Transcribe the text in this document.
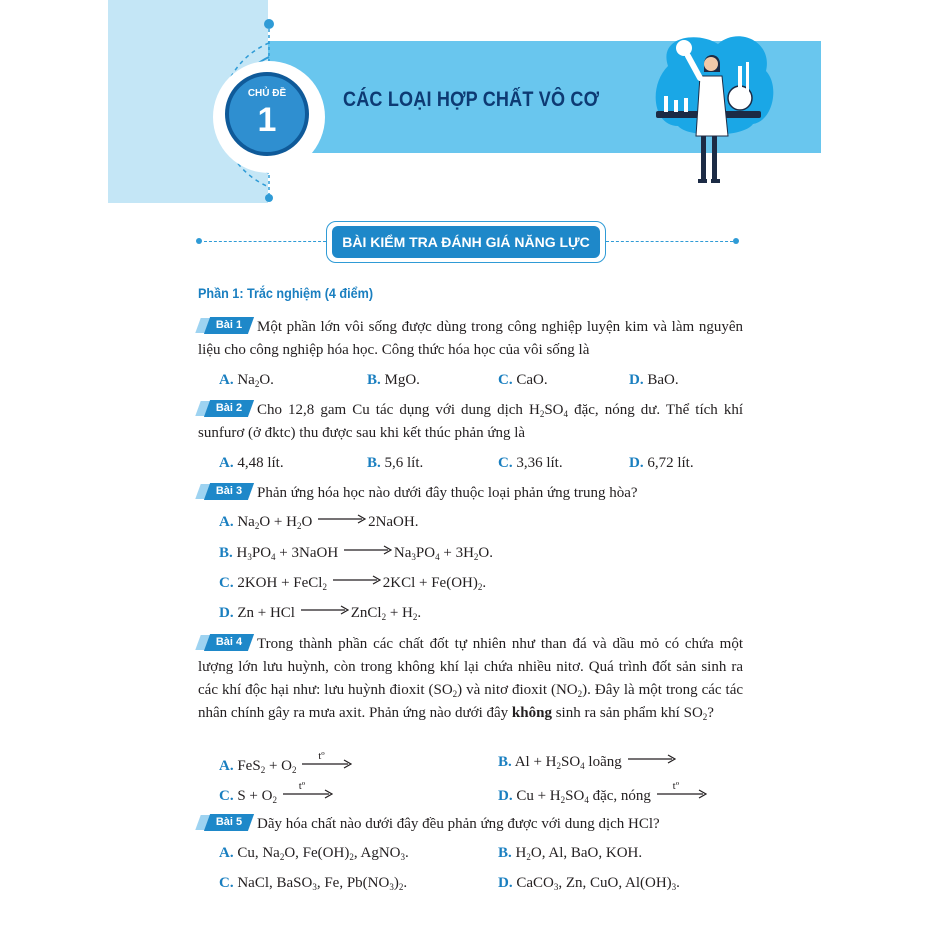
CHỦ ĐỀ
1
CÁC LOẠI HỢP CHẤT VÔ CƠ
BÀI KIỂM TRA ĐÁNH GIÁ NĂNG LỰC
Phần 1: Trắc nghiệm (4 điểm)
Bài 1 Một phần lớn vôi sống được dùng trong công nghiệp luyện kim và làm nguyên liệu cho công nghiệp hóa học. Công thức hóa học của vôi sống là
A. $Na_2O$.	B. MgO.	C. CaO.	D. BaO.
Bài 2 Cho 12,8 gam Cu tác dụng với dung dịch $H_2SO_4$ đặc, nóng dư. Thể tích khí sunfurơ (ở đktc) thu được sau khi kết thúc phản ứng là
A. 4,48 lít.	B. 5,6 lít.	C. 3,36 lít.	D. 6,72 lít.
Bài 3 Phản ứng hóa học nào dưới đây thuộc loại phản ứng trung hòa?
A. $Na_2O + H_2O$	2NaOH.
B. $H_3PO_4$ + 3NaOH	$Na_3PO_4 + 3H_2O$.
C. 2KOH + FeCl$_2$	$2KCl + Fe(OH)_2$.
D. Zn + HCl	ZnCl$_2$ + $H_2$.
Bài 4 Trong thành phần các chất đốt tự nhiên như than đá và dầu mỏ có chứa một lượng lớn lưu huỳnh, còn trong không khí lại chứa nhiều nitơ. Quá trình đốt sản sinh ra các khí độc hại như: lưu huỳnh đioxit $(SO_2)$ và nitơ đioxit $(NO_2)$. Đây là một trong các tác nhân chính gây ra mưa axit. Phản ứng nào dưới đây không sinh ra sản phẩm khí $SO_2$?
A. $FeS_2 + O_2$
tº	B. $Al + H_2SO_4$ loãng
C. $S + O_2$
tº
D. $Cu + H_2SO_4$ đặc, nóng
tº
Bài 5 Dãy hóa chất nào dưới đây đều phản ứng được với dung dịch HCl?
A. Cu, $Na_2O$, $Fe(OH)_2$, AgNO$_3$.	B. $H_2O$, Al, BaO, KOH.
C. NaCl, BaSO$_3$, Fe, $Pb(NO_3)_2$.	D. CaCO$_3$, Zn, CuO, $Al(OH)_3$.
